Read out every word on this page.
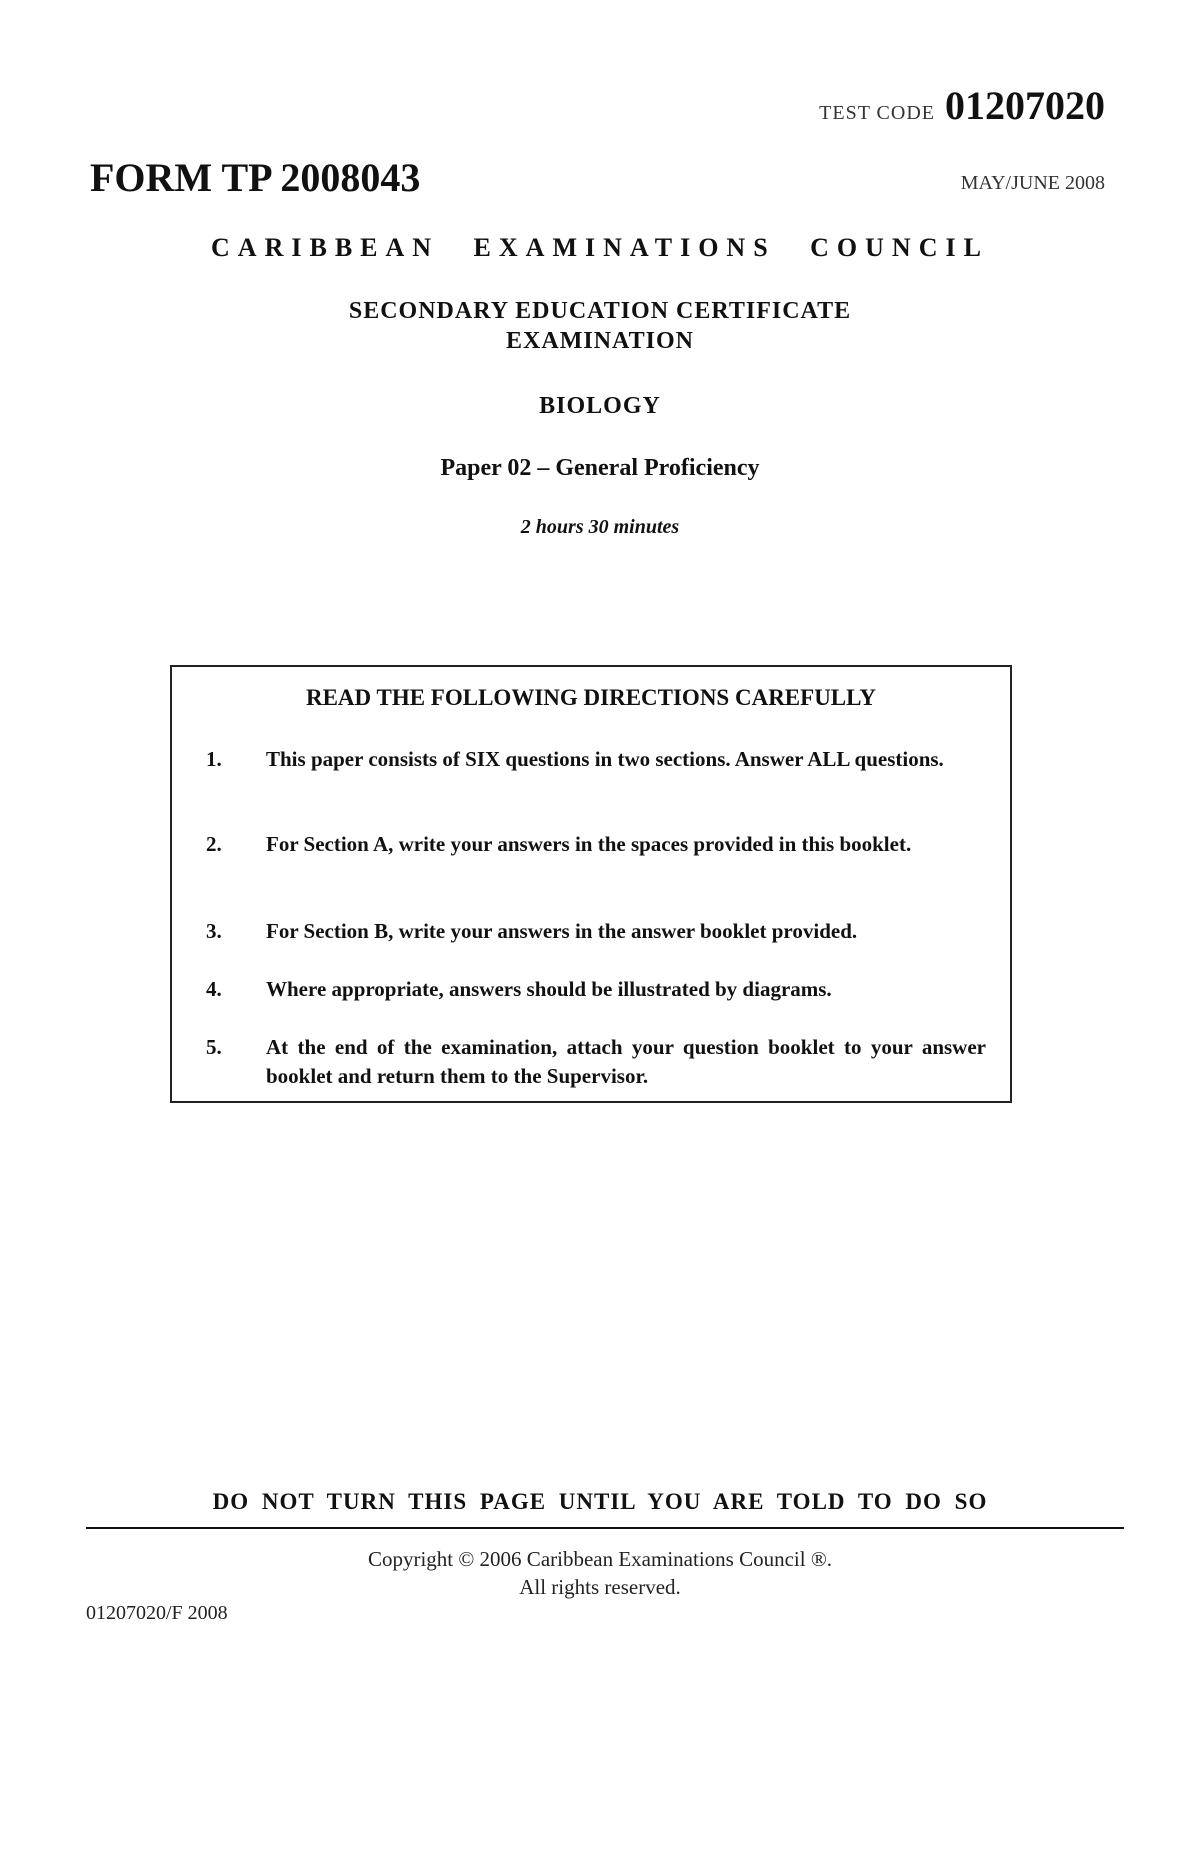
TEST CODE 01207020
FORM TP 2008043	MAY/JUNE 2008
CARIBBEAN EXAMINATIONS COUNCIL
SECONDARY EDUCATION CERTIFICATE
EXAMINATION
BIOLOGY
Paper 02 – General Proficiency
2 hours 30 minutes
READ THE FOLLOWING DIRECTIONS CAREFULLY
1.	This paper consists of SIX questions in two sections. Answer ALL questions.
2.	For Section A, write your answers in the spaces provided in this booklet.
3.	For Section B, write your answers in the answer booklet provided.
4.	Where appropriate, answers should be illustrated by diagrams.
5.	At the end of the examination, attach your question booklet to your answer booklet and return them to the Supervisor.
DO NOT TURN THIS PAGE UNTIL YOU ARE TOLD TO DO SO
Copyright © 2006 Caribbean Examinations Council ®.
All rights reserved.
01207020/F 2008
